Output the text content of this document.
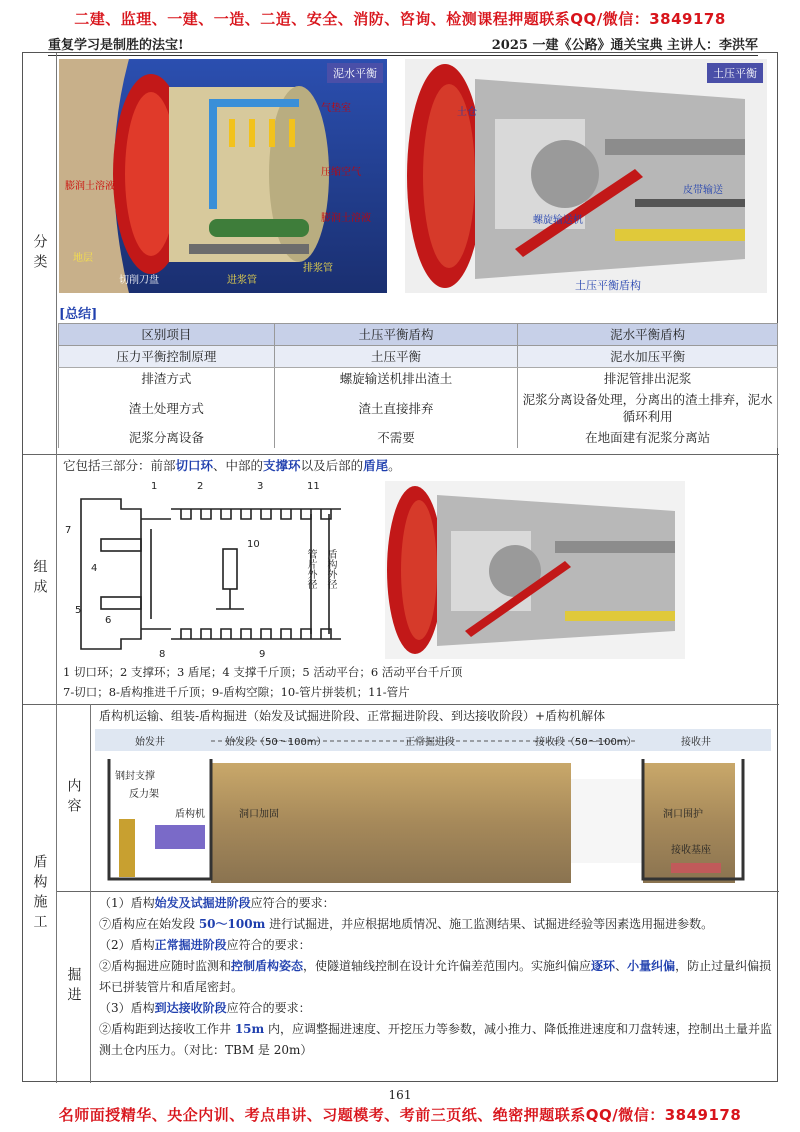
二建、监理、一建、一造、二造、安全、消防、咨询、检测课程押题联系QQ/微信：3849178
重复学习是制胜的法宝!	2025 一建《公路》通关宝典 主讲人：李洪军
分类
泥水平衡
气垫室
压缩空气
膨润土溶液
膨润土溶液
地层
切削刀盘	进浆管
排浆管
土压平衡
土仓
螺旋输送机
皮带输送
土压平衡盾构
[总结]
区别项目	土压平衡盾构	泥水平衡盾构
压力平衡控制原理	土压平衡	泥水加压平衡
排渣方式	螺旋输送机排出渣土	排泥管排出泥浆
渣土处理方式	渣土直接排弃	泥浆分离设备处理，分离出的渣土排弃，泥水循环利用
泥浆分离设备	不需要	在地面建有泥浆分离站
组成
它包括三部分：前部切口环、中部的支撑环以及后部的盾尾。
1	2	3	11
7
4
10
5
6
8	9
管片外径 盾构外径
1 切口环；2 支撑环；3 盾尾；4 支撑千斤顶；5 活动平台；6 活动平台千斤顶
7-切口；8-盾构推进千斤顶；9-盾构空隙；10-管片拼装机；11-管片
盾构施工
内容
掘进
盾构机运输、组装-盾构掘进（始发及试掘进阶段、正常掘进阶段、到达接收阶段）+盾构机解体
始发井	始发段（50～100m）	正常掘进段	接收段（50～100m）	接收井
钢封支撑
反力架
盾构机	洞口加固	洞口围护
接收基座
（1）盾构始发及试掘进阶段应符合的要求：
⑦盾构应在始发段 50～100m 进行试掘进，并应根据地质情况、施工监测结果、试掘进经验等因素选用掘进参数。
（2）盾构正常掘进阶段应符合的要求：
②盾构掘进应随时监测和控制盾构姿态，使隧道轴线控制在设计允许偏差范围内。实施纠偏应逐环、小量纠偏，防止过量纠偏损坏已拼装管片和盾尾密封。
（3）盾构到达接收阶段应符合的要求：
②盾构距到达接收工作井 15m 内，应调整掘进速度、开挖压力等参数，减小推力、降低推进速度和刀盘转速，控制出土量并监测土仓内压力。（对比：TBM 是 20m）
161
名师面授精华、央企内训、考点串讲、习题模考、考前三页纸、绝密押题联系QQ/微信：3849178
